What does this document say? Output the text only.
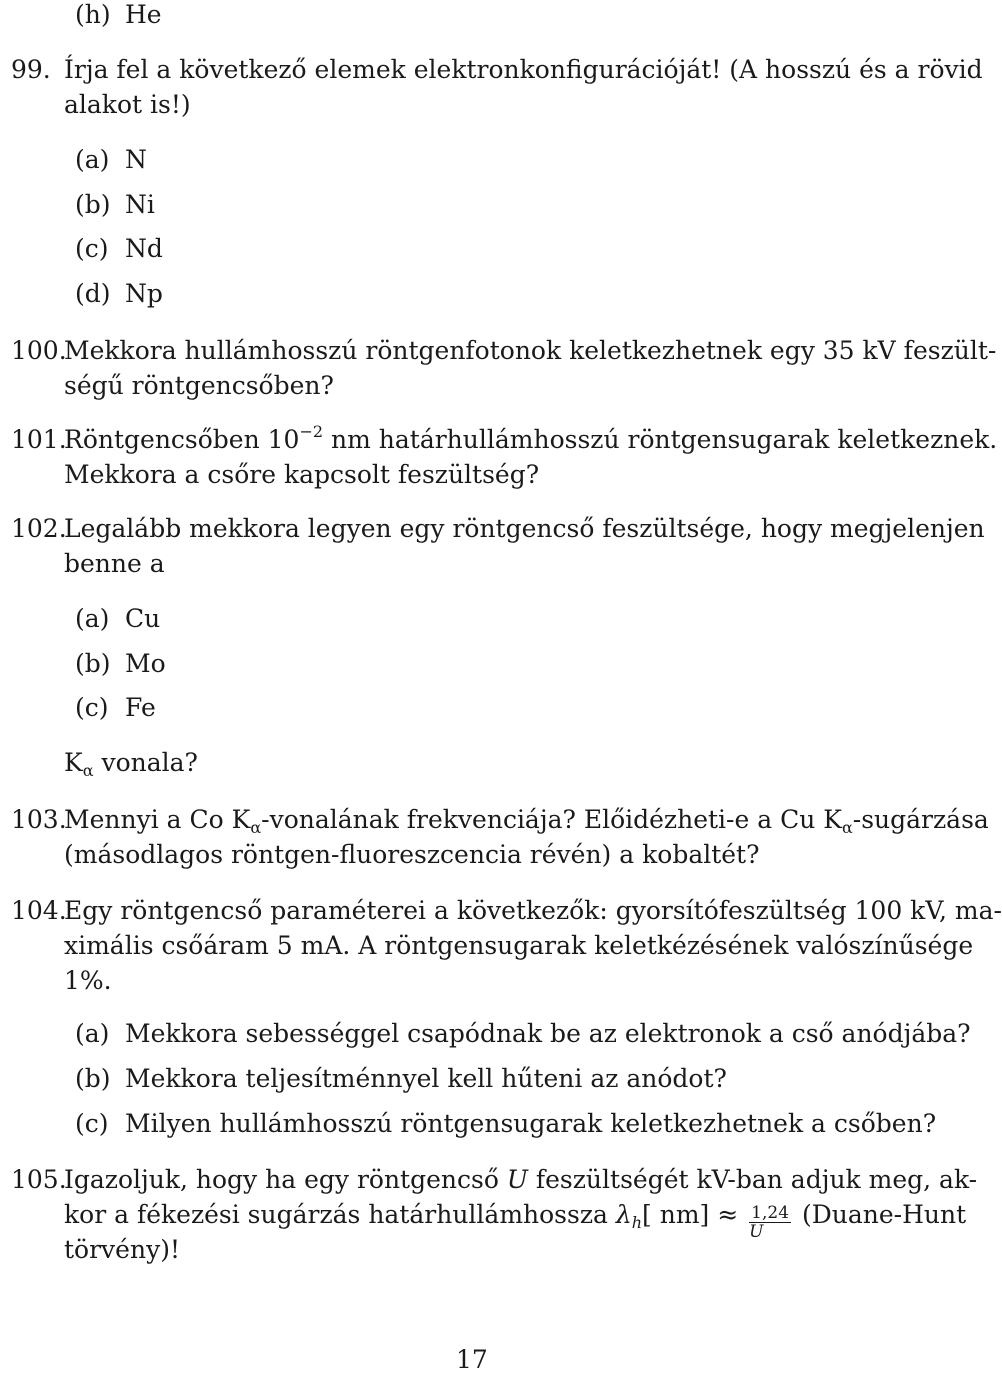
(h) He
99. Írja fel a következő elemek elektronkonfigurációját! (A hosszú és a rövid
alakot is!)
(a) N
(b) Ni
(c) Nd
(d) Np
100.
Mekkora hullámhosszú röntgenfotonok keletkezhetnek egy 35 kV feszült-
ségű röntgencsőben?
101.
Röntgencsőben $10^{-2}$ nm határhullámhosszú röntgensugarak keletkeznek.
Mekkora a csőre kapcsolt feszültség?
102.
Legalább mekkora legyen egy röntgencső feszültsége, hogy megjelenjen
benne a
(a) Cu
(b) Mo
(c) Fe
$K_\alpha$ vonala?
103.
Mennyi a Co $K_\alpha$-vonalának frekvenciája? Előidézheti-e a Cu $K_\alpha$-sugárzása
(másodlagos röntgen-fluoreszcencia révén) a kobaltét?
104.
Egy röntgencső paraméterei a következők: gyorsítófeszültség 100 kV, ma-
ximális csőáram 5 mA. A röntgensugarak keletkézésének valószínűsége
1%.
(a) Mekkora sebességgel csapódnak be az elektronok a cső anódjába?
(b) Mekkora teljesítménnyel kell hűteni az anódot?
(c) Milyen hullámhosszú röntgensugarak keletkezhetnek a csőben?
105.
Igazoljuk, hogy ha egy röntgencső U feszültségét kV-ban adjuk meg, ak-
kor a fékezési sugárzás határhullámhossza $\lambda_h$[ $nm] \approx \frac{1,24}{U}$ (Duane-Hunt
törvény)!
17
